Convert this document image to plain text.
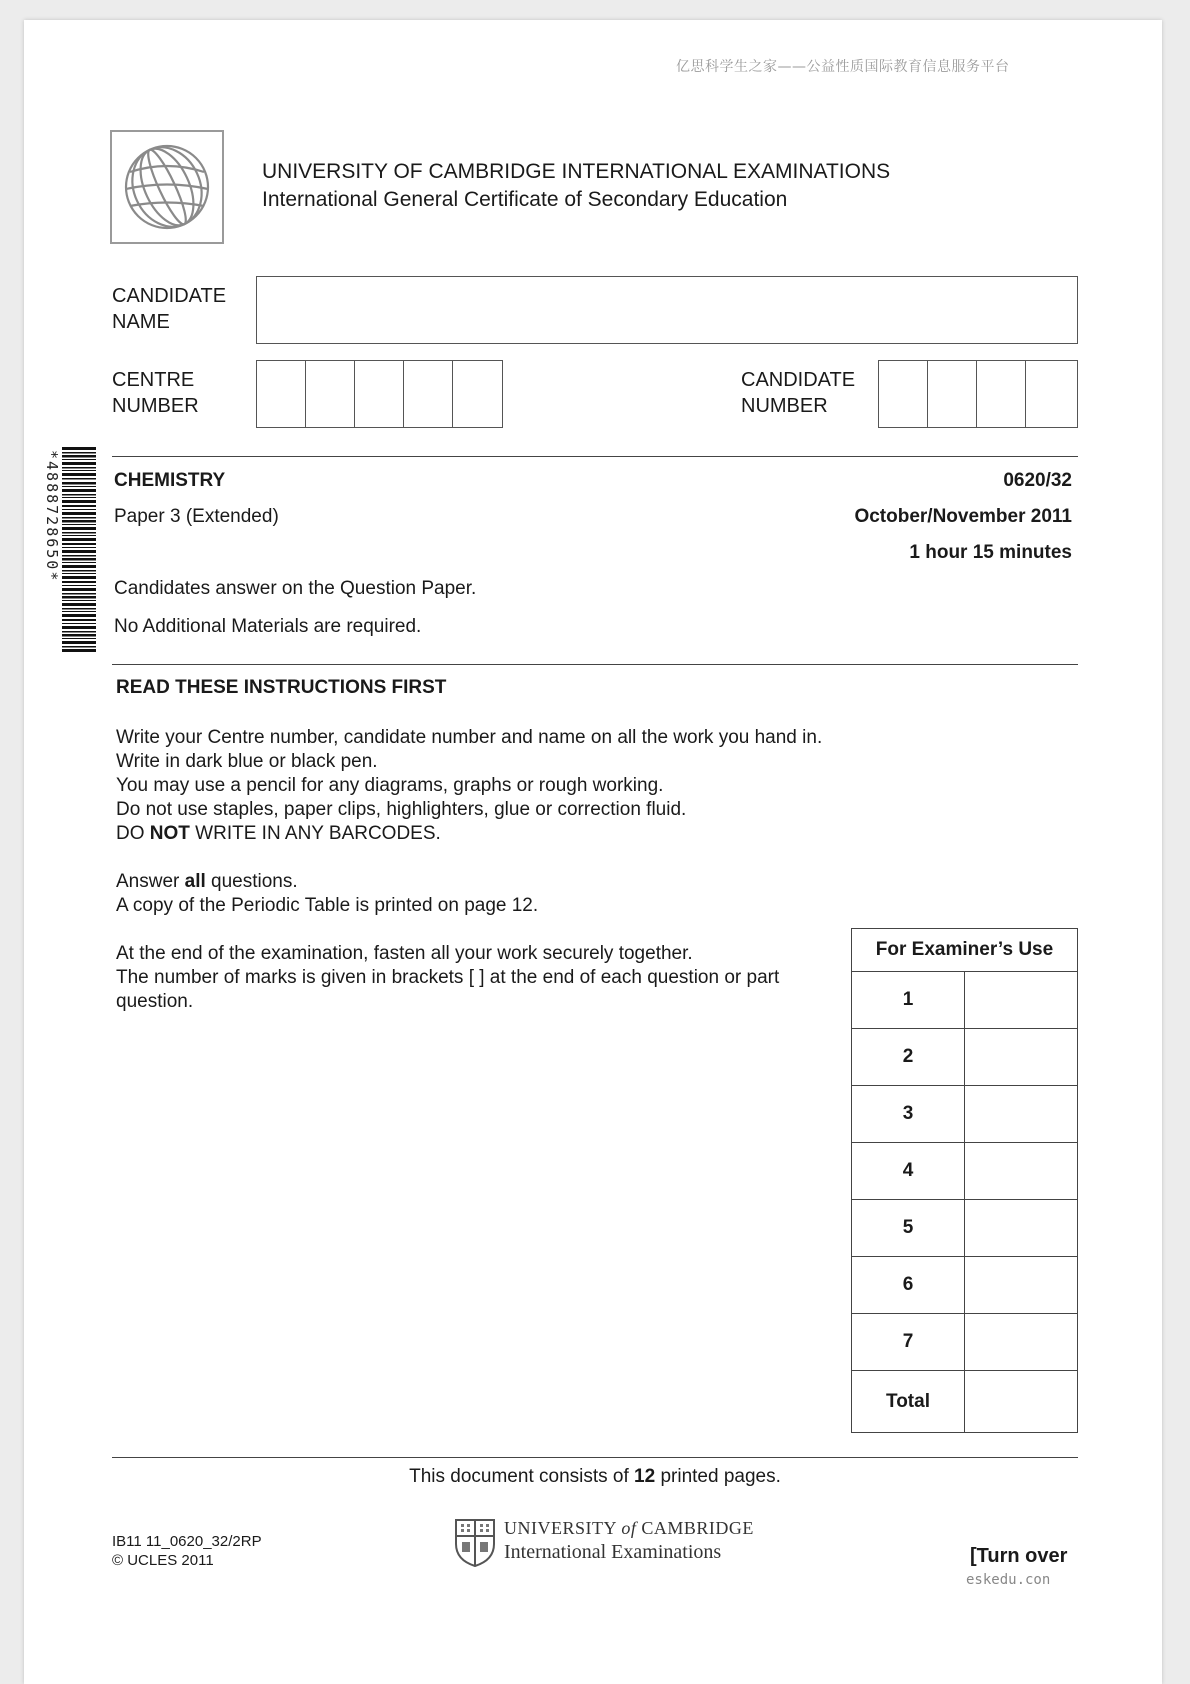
亿思科学生之家——公益性质国际教育信息服务平台
UNIVERSITY OF CAMBRIDGE INTERNATIONAL EXAMINATIONS
International General Certificate of Secondary Education
CANDIDATE
NAME
CENTRE
NUMBER
CANDIDATE
NUMBER
*4888728650*	CHEMISTRY	0620/32
Paper 3 (Extended)	October/November 2011
1 hour 15 minutes
Candidates answer on the Question Paper.
No Additional Materials are required.
READ THESE INSTRUCTIONS FIRST

Write your Centre number, candidate number and name on all the work you hand in.

Write in dark blue or black pen.

You may use a pencil for any diagrams, graphs or rough working.

Do not use staples, paper clips, highlighters, glue or correction fluid.

DO NOT WRITE IN ANY BARCODES.

Answer all questions.

A copy of the Periodic Table is printed on page 12.

At the end of the examination, fasten all your work securely together.

The number of marks is given in brackets [ ] at the end of each question or part

question.

For Examiner’s Use	
1	
2	
3	
4	
5	
6	
7	
Total	
This document consists of 12 printed pages.
IB11 11_0620_32/2RP
© UCLES 2011
UNIVERSITY of CAMBRIDGE
International Examinations	[Turn over
eskedu.con
